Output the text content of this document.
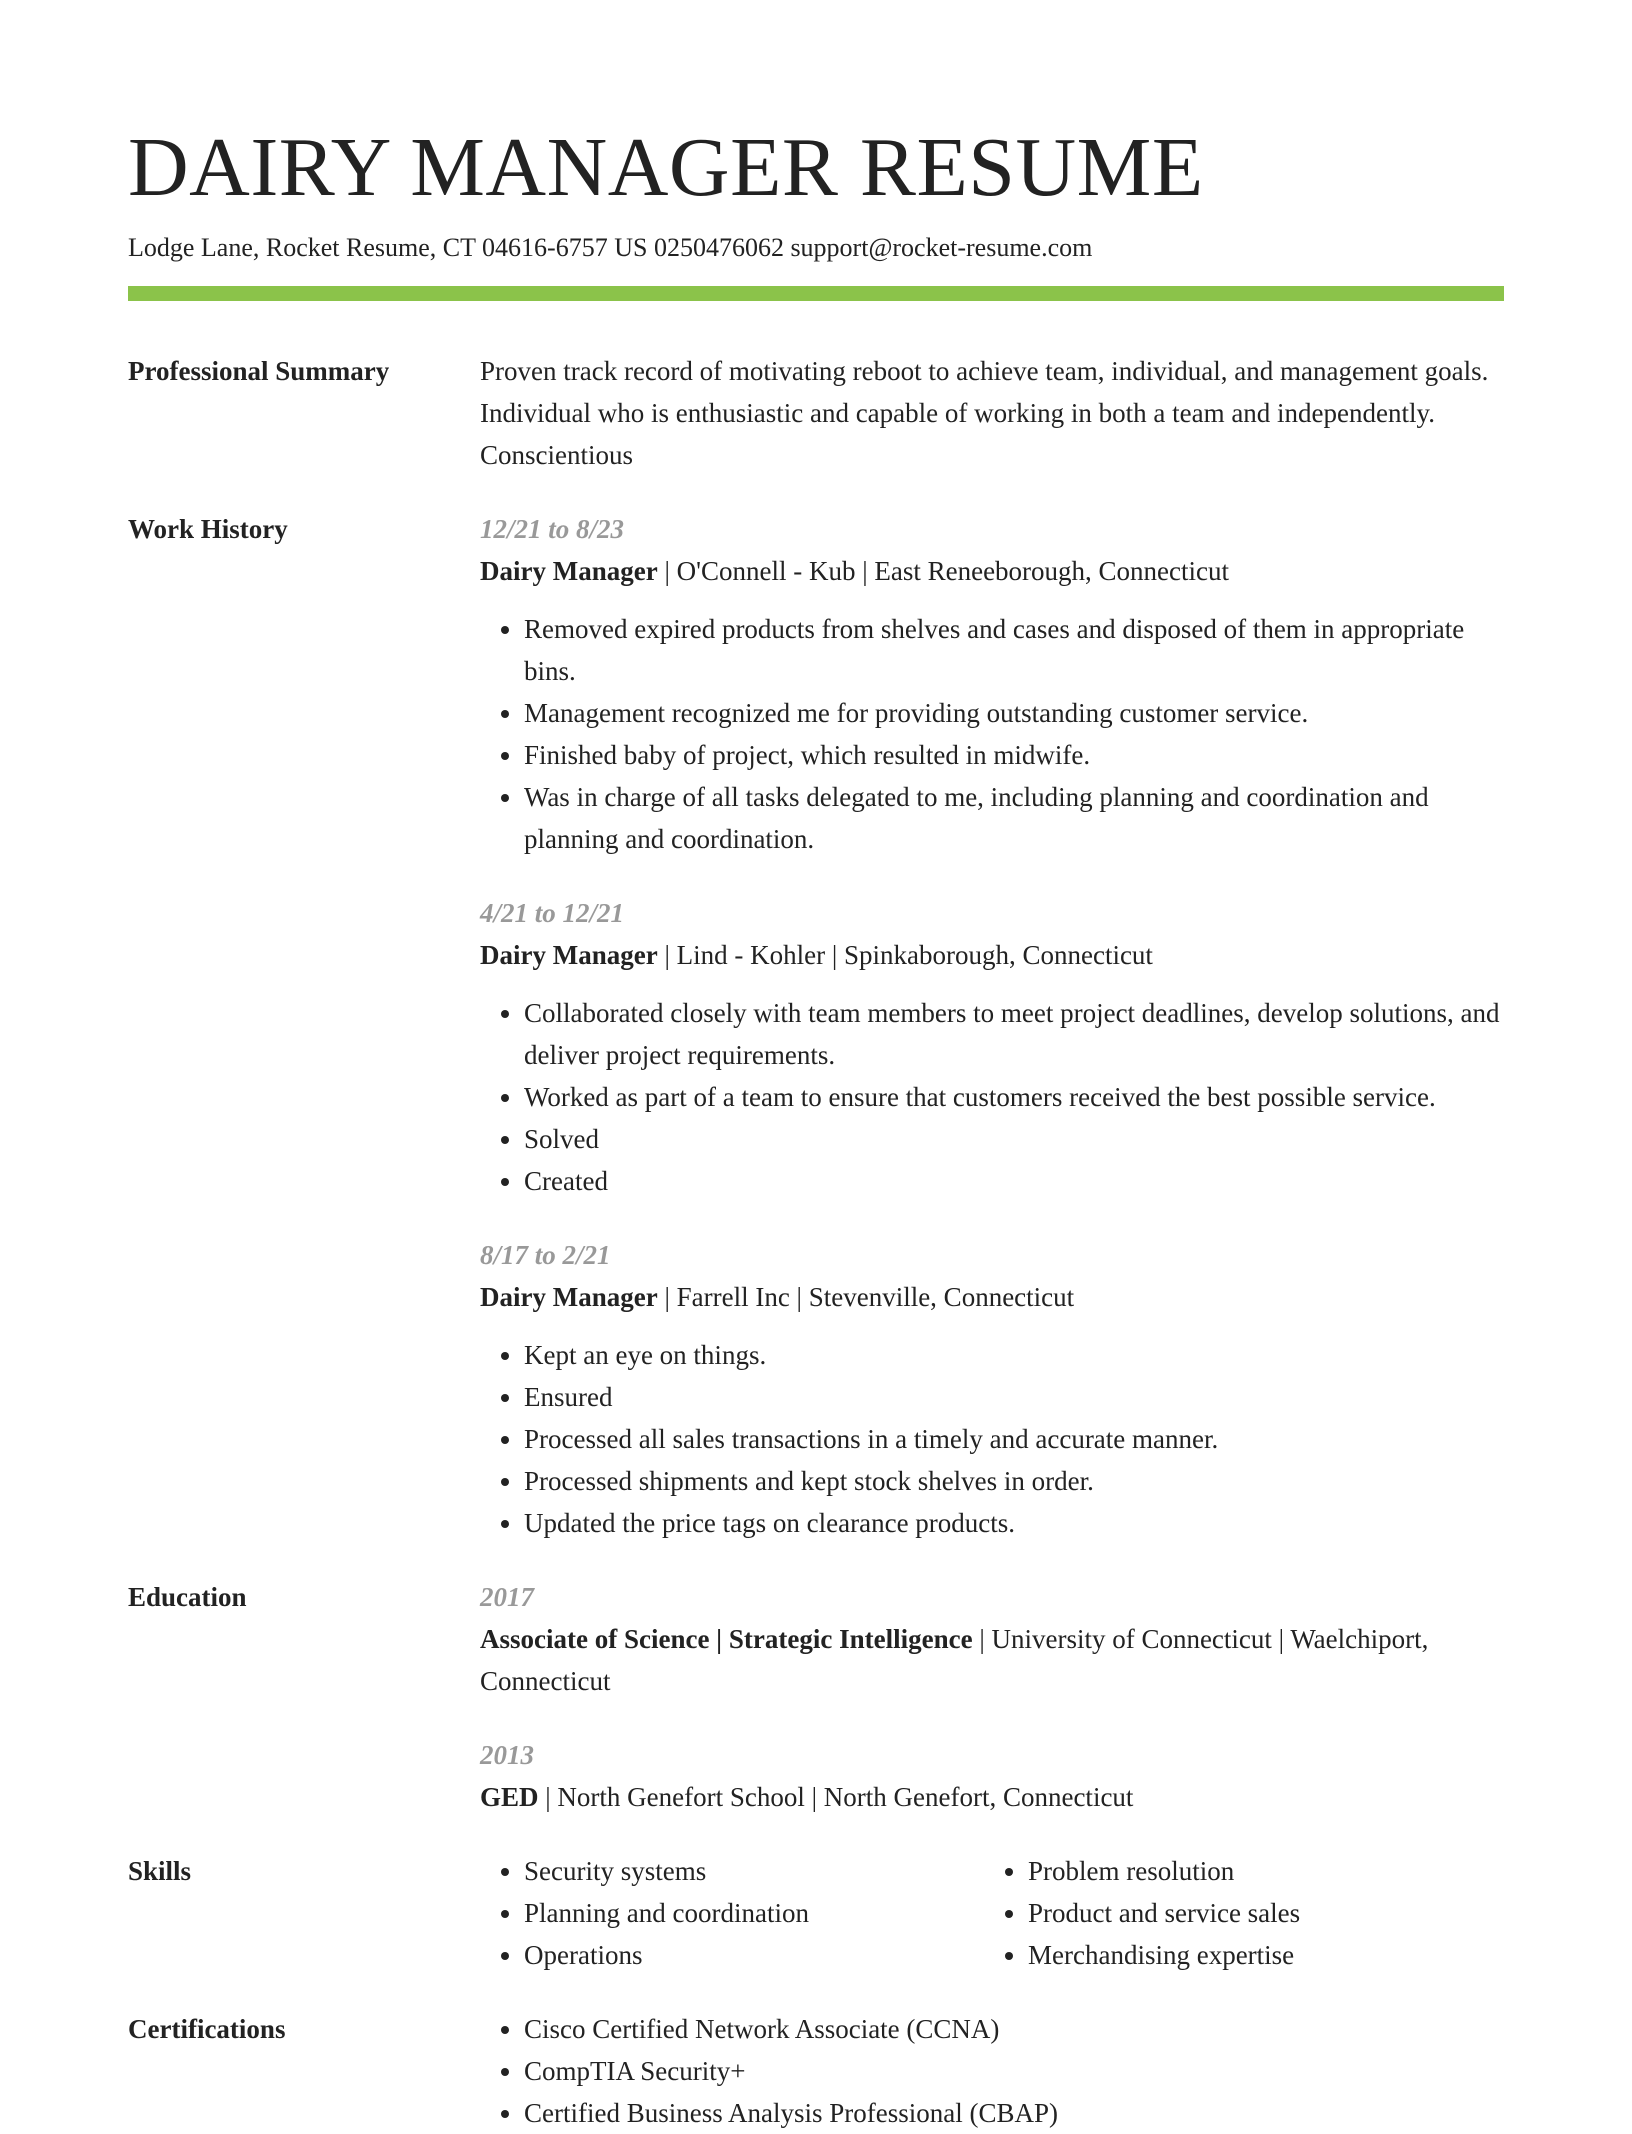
DAIRY MANAGER RESUME
Lodge Lane, Rocket Resume, CT 04616-6757 US 0250476062 support@rocket-resume.com
Professional Summary	Proven track record of motivating reboot to achieve team, individual, and management goals. Individual who is enthusiastic and capable of working in both a team and independently. Conscientious

Work History	12/21 to 8/23
Dairy Manager | O'Connell - Kub | East Reneeborough, Connecticut
• Removed expired products from shelves and cases and disposed of them in appropriate bins.
• Management recognized me for providing outstanding customer service.
• Finished baby of project, which resulted in midwife.
• Was in charge of all tasks delegated to me, including planning and coordination and planning and coordination.
4/21 to 12/21
Dairy Manager | Lind - Kohler | Spinkaborough, Connecticut
• Collaborated closely with team members to meet project deadlines, develop solutions, and deliver project requirements.
• Worked as part of a team to ensure that customers received the best possible service.
• Solved
• Created
8/17 to 2/21
Dairy Manager | Farrell Inc | Stevenville, Connecticut
• Kept an eye on things.
• Ensured
• Processed all sales transactions in a timely and accurate manner.
• Processed shipments and kept stock shelves in order.
• Updated the price tags on clearance products.
Education	2017
Associate of Science | Strategic Intelligence | University of Connecticut | Waelchiport, Connecticut
2013
GED | North Genefort School | North Genefort, Connecticut
Skills	• Security systems
• Planning and coordination
• Operations
• Problem resolution
• Product and service sales
• Merchandising expertise
Certifications	• Cisco Certified Network Associate (CCNA)
• CompTIA Security+
• Certified Business Analysis Professional (CBAP)
